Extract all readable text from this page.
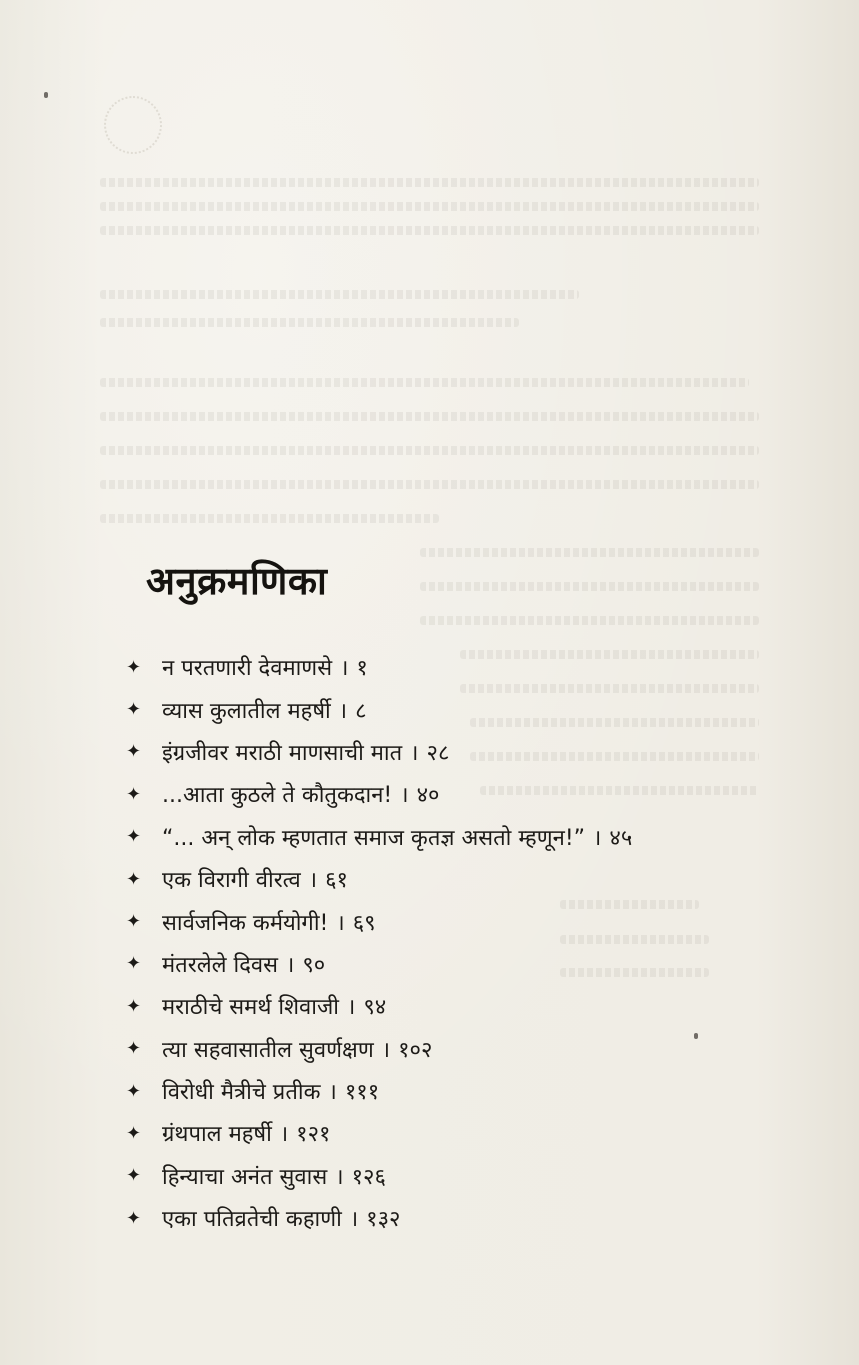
अनुक्रमणिका
✦ न परतणारी देवमाणसे । १
✦ व्यास कुलातील महर्षी । ८
✦ इंग्रजीवर मराठी माणसाची मात । २८
✦ ...आता कुठले ते कौतुकदान! । ४०
✦ “... अन् लोक म्हणतात समाज कृतज्ञ असतो म्हणून!” । ४५
✦ एक विरागी वीरत्व । ६१
✦ सार्वजनिक कर्मयोगी! । ६९
✦ मंतरलेले दिवस । ९०
✦ मराठीचे समर्थ शिवाजी । ९४
✦ त्या सहवासातील सुवर्णक्षण । १०२
✦ विरोधी मैत्रीचे प्रतीक । १११
✦ ग्रंथपाल महर्षी । १२१
✦ हिन्याचा अनंत सुवास । १२६
✦ एका पतिव्रतेची कहाणी । १३२
